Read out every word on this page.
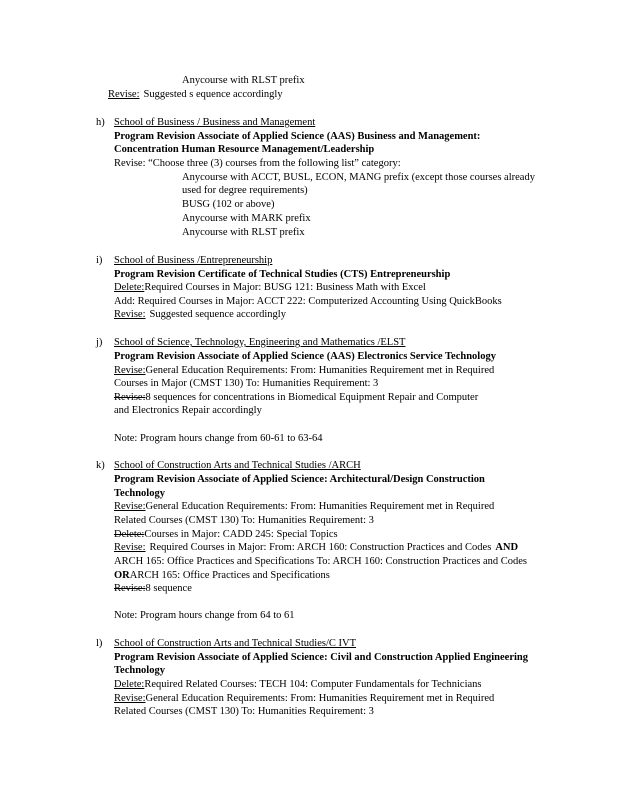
Anycourse with RLST prefix
Revise: Suggested s equence accordingly
h) School of Business / Business and Management
Program Revision Associate of Applied Science (AAS) Business and Management:
Concentration Human Resource Management/Leadership
Revise: “Choose three (3) courses from the following list” category:
Anycourse with ACCT, BUSL, ECON, MANG prefix (except those courses already
used for degree requirements)
BUSG (102 or above)
Anycourse with MARK prefix
Anycourse with RLST prefix
i) School of Business /Entrepreneurship
Program Revision Certificate of Technical Studies (CTS) Entrepreneurship
Delete:Required Courses in Major: BUSG 121: Business Math with Excel
Add: Required Courses in Major: ACCT 222: Computerized Accounting Using QuickBooks
Revise: Suggested sequence accordingly
j) School of Science, Technology, Engineering and Mathematics /ELST
Program Revision Associate of Applied Science (AAS) Electronics Service Technology
Revise:General Education Requirements: From: Humanities Requirement met in Required
Courses in Major (CMST 130) To: Humanities Requirement: 3
Revise:8 sequences for concentrations in Biomedical Equipment Repair and Computer
and Electronics Repair accordingly
Note: Program hours change from 60-61 to 63-64
k) School of Construction Arts and Technical Studies /ARCH
Program Revision Associate of Applied Science: Architectural/Design Construction
Technology
Revise:General Education Requirements: From: Humanities Requirement met in Required
Related Courses (CMST 130) To: Humanities Requirement: 3
Delete:Courses in Major: CADD 245: Special Topics
Revise: Required Courses in Major: From: ARCH 160: Construction Practices and Codes AND
ARCH 165: Office Practices and Specifications To: ARCH 160: Construction Practices and Codes
ORARCH 165: Office Practices and Specifications
Revise:8 sequence
Note: Program hours change from 64 to 61
l) School of Construction Arts and Technical Studies/C IVT
Program Revision Associate of Applied Science: Civil and Construction Applied Engineering
Technology
Delete:Required Related Courses: TECH 104: Computer Fundamentals for Technicians
Revise:General Education Requirements: From: Humanities Requirement met in Required
Related Courses (CMST 130) To: Humanities Requirement: 3
